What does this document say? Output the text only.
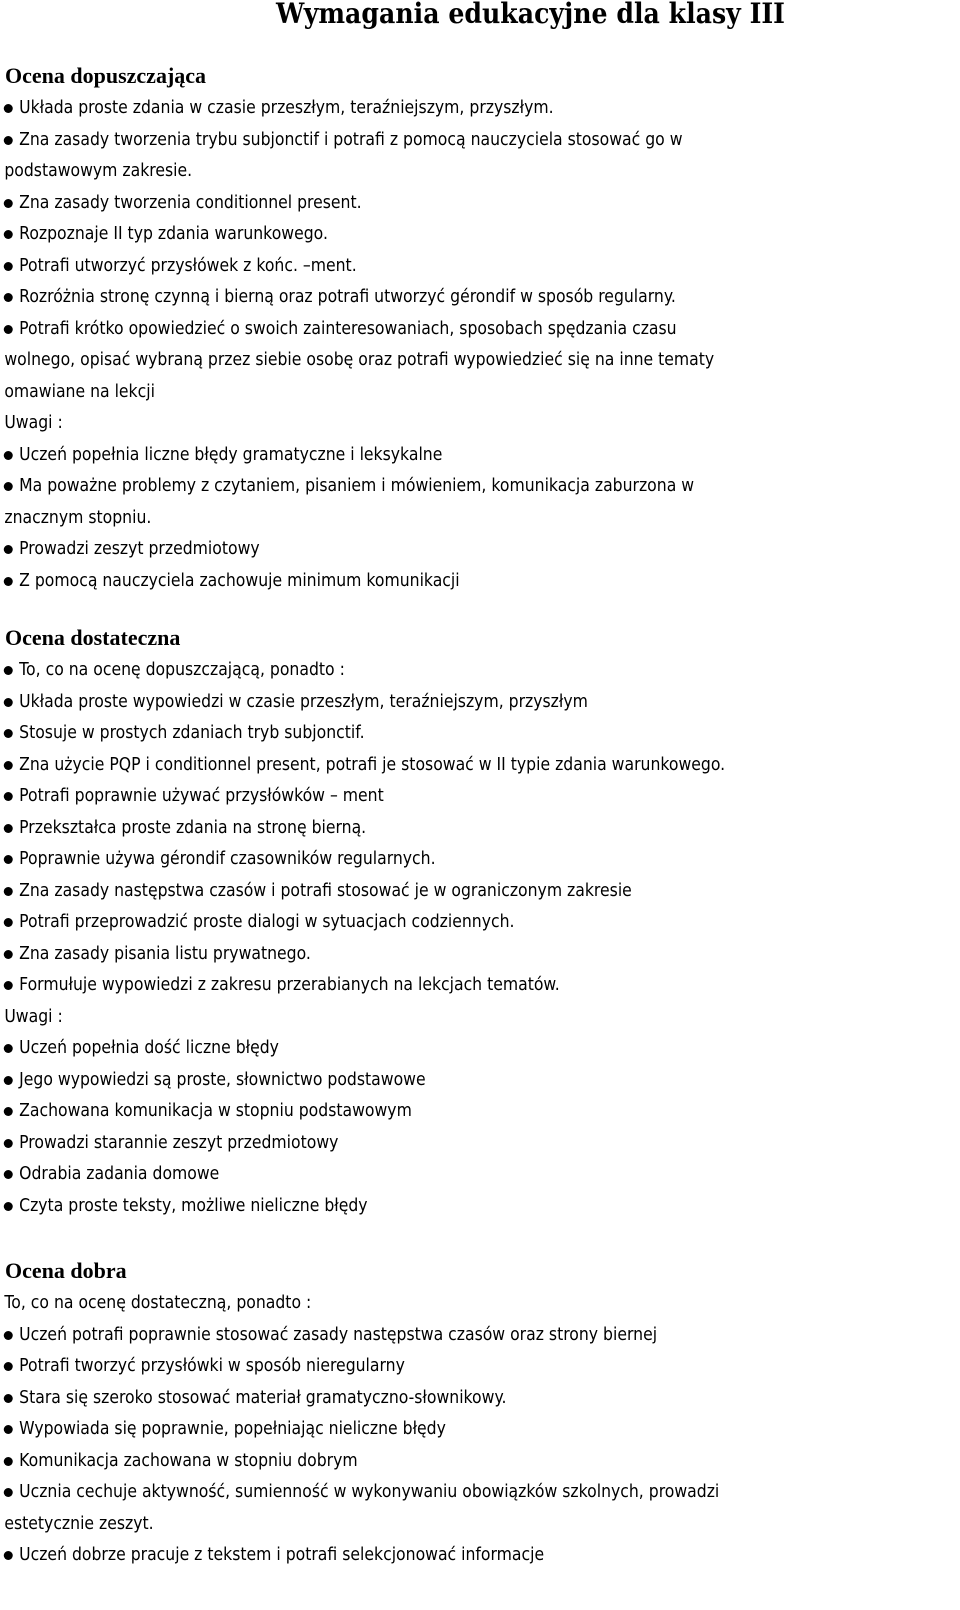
Wymagania edukacyjne dla klasy III
Ocena dopuszczająca
Układa proste zdania w czasie przeszłym, teraźniejszym, przyszłym.
Zna zasady tworzenia trybu subjonctif i potrafi z pomocą nauczyciela stosować go w
podstawowym zakresie.
Zna zasady tworzenia conditionnel present.
Rozpoznaje II typ zdania warunkowego.
Potrafi utworzyć przysłówek z końc. –ment.
Rozróżnia stronę czynną i bierną oraz potrafi utworzyć gérondif w sposób regularny.
Potrafi krótko opowiedzieć o swoich zainteresowaniach, sposobach spędzania czasu
wolnego, opisać wybraną przez siebie osobę oraz potrafi wypowiedzieć się na inne tematy
omawiane na lekcji
Uwagi :
Uczeń popełnia liczne błędy gramatyczne i leksykalne
Ma poważne problemy z czytaniem, pisaniem i mówieniem, komunikacja zaburzona w
znacznym stopniu.
Prowadzi zeszyt przedmiotowy
Z pomocą nauczyciela zachowuje minimum komunikacji
Ocena dostateczna
To, co na ocenę dopuszczającą, ponadto :
Układa proste wypowiedzi w czasie przeszłym, teraźniejszym, przyszłym
Stosuje w prostych zdaniach tryb subjonctif.
Zna użycie PQP i conditionnel present, potrafi je stosować w II typie zdania warunkowego.
Potrafi poprawnie używać przysłówków – ment
Przekształca proste zdania na stronę bierną.
Poprawnie używa gérondif czasowników regularnych.
Zna zasady następstwa czasów i potrafi stosować je w ograniczonym zakresie
Potrafi przeprowadzić proste dialogi w sytuacjach codziennych.
Zna zasady pisania listu prywatnego.
Formułuje wypowiedzi z zakresu przerabianych na lekcjach tematów.
Uwagi :
Uczeń popełnia dość liczne błędy
Jego wypowiedzi są proste, słownictwo podstawowe
Zachowana komunikacja w stopniu podstawowym
Prowadzi starannie zeszyt przedmiotowy
Odrabia zadania domowe
Czyta proste teksty, możliwe nieliczne błędy
Ocena dobra
To, co na ocenę dostateczną, ponadto :
Uczeń potrafi poprawnie stosować zasady następstwa czasów oraz strony biernej
Potrafi tworzyć przysłówki w sposób nieregularny
Stara się szeroko stosować materiał gramatyczno-słownikowy.
Wypowiada się poprawnie, popełniając nieliczne błędy
Komunikacja zachowana w stopniu dobrym
Ucznia cechuje aktywność, sumienność w wykonywaniu obowiązków szkolnych, prowadzi
estetycznie zeszyt.
Uczeń dobrze pracuje z tekstem i potrafi selekcjonować informacje
